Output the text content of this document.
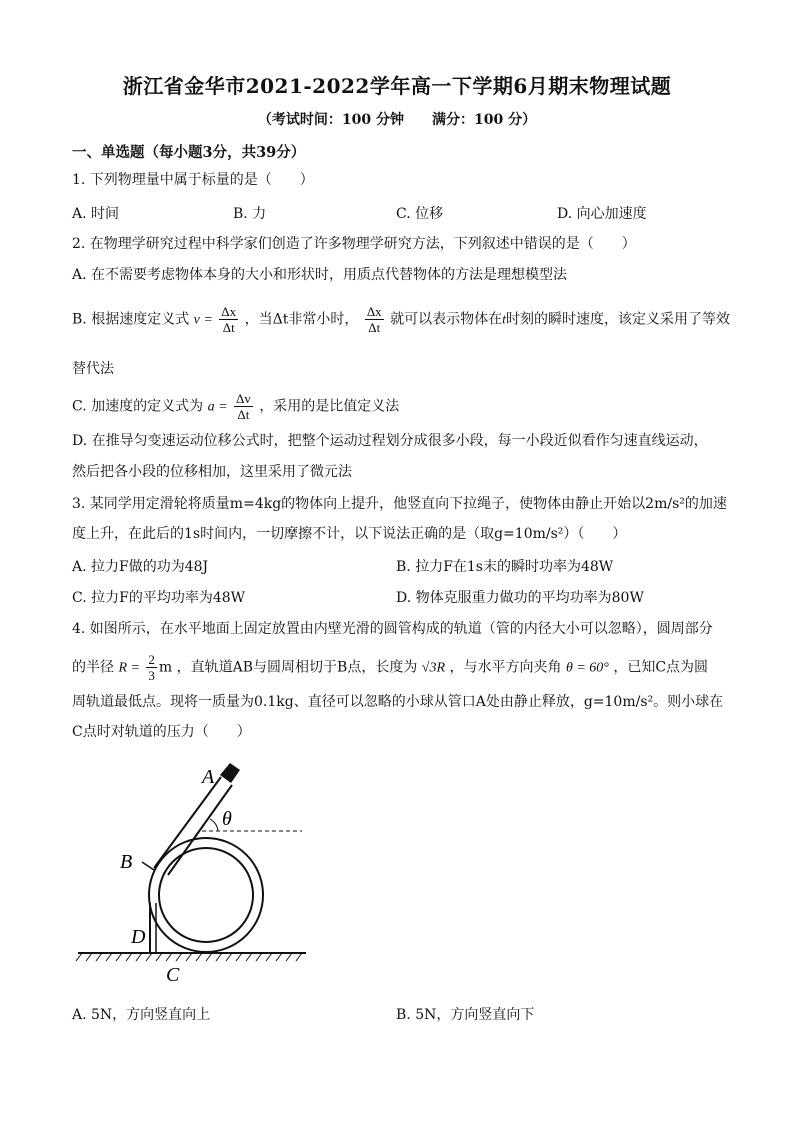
浙江省金华市2021-2022学年高一下学期6月期末物理试题
（考试时间：100 分钟 满分：100 分）
一、单选题（每小题3分，共39分）
1. 下列物理量中属于标量的是（　　）
A. 时间	B. 力	C. 位移	D. 向心加速度
2. 在物理学研究过程中科学家们创造了许多物理学研究方法，下列叙述中错误的是（　　）
A. 在不需要考虑物体本身的大小和形状时，用质点代替物体的方法是理想模型法
B. 根据速度定义式 $v = \frac{\Delta x}{\Delta t}$ ，当Δt非常小时， $\frac{\Delta x}{\Delta t}$ 就可以表示物体在t时刻的瞬时速度，该定义采用了等效
替代法
C. 加速度的定义式为 $a = \frac{\Delta v}{\Delta t}$ ，采用的是比值定义法
D. 在推导匀变速运动位移公式时，把整个运动过程划分成很多小段，每一小段近似看作匀速直线运动，
然后把各小段的位移相加，这里采用了微元法
3. 某同学用定滑轮将质量m=4kg的物体向上提升，他竖直向下拉绳子，使物体由静止开始以2m/s²的加速
度上升，在此后的1s时间内，一切摩擦不计，以下说法正确的是（取g=10m/s²）（　　）
A. 拉力F做的功为48J	B. 拉力F在1s末的瞬时功率为48W
C. 拉力F的平均功率为48W	D. 物体克服重力做功的平均功率为80W
4. 如图所示，在水平地面上固定放置由内壁光滑的圆管构成的轨道（管的内径大小可以忽略），圆周部分
的半径 $R = \frac{2}{3}$ m ，直轨道AB与圆周相切于B点，长度为 √3R ，与水平方向夹角 θ = 60° ，已知C点为圆
周轨道最低点。现将一质量为0.1kg、直径可以忽略的小球从管口A处由静止释放，g=10m/s²。则小球在
C点时对轨道的压力（　　）
A
θ
B
D
C
A. 5N，方向竖直向上	B. 5N，方向竖直向下
